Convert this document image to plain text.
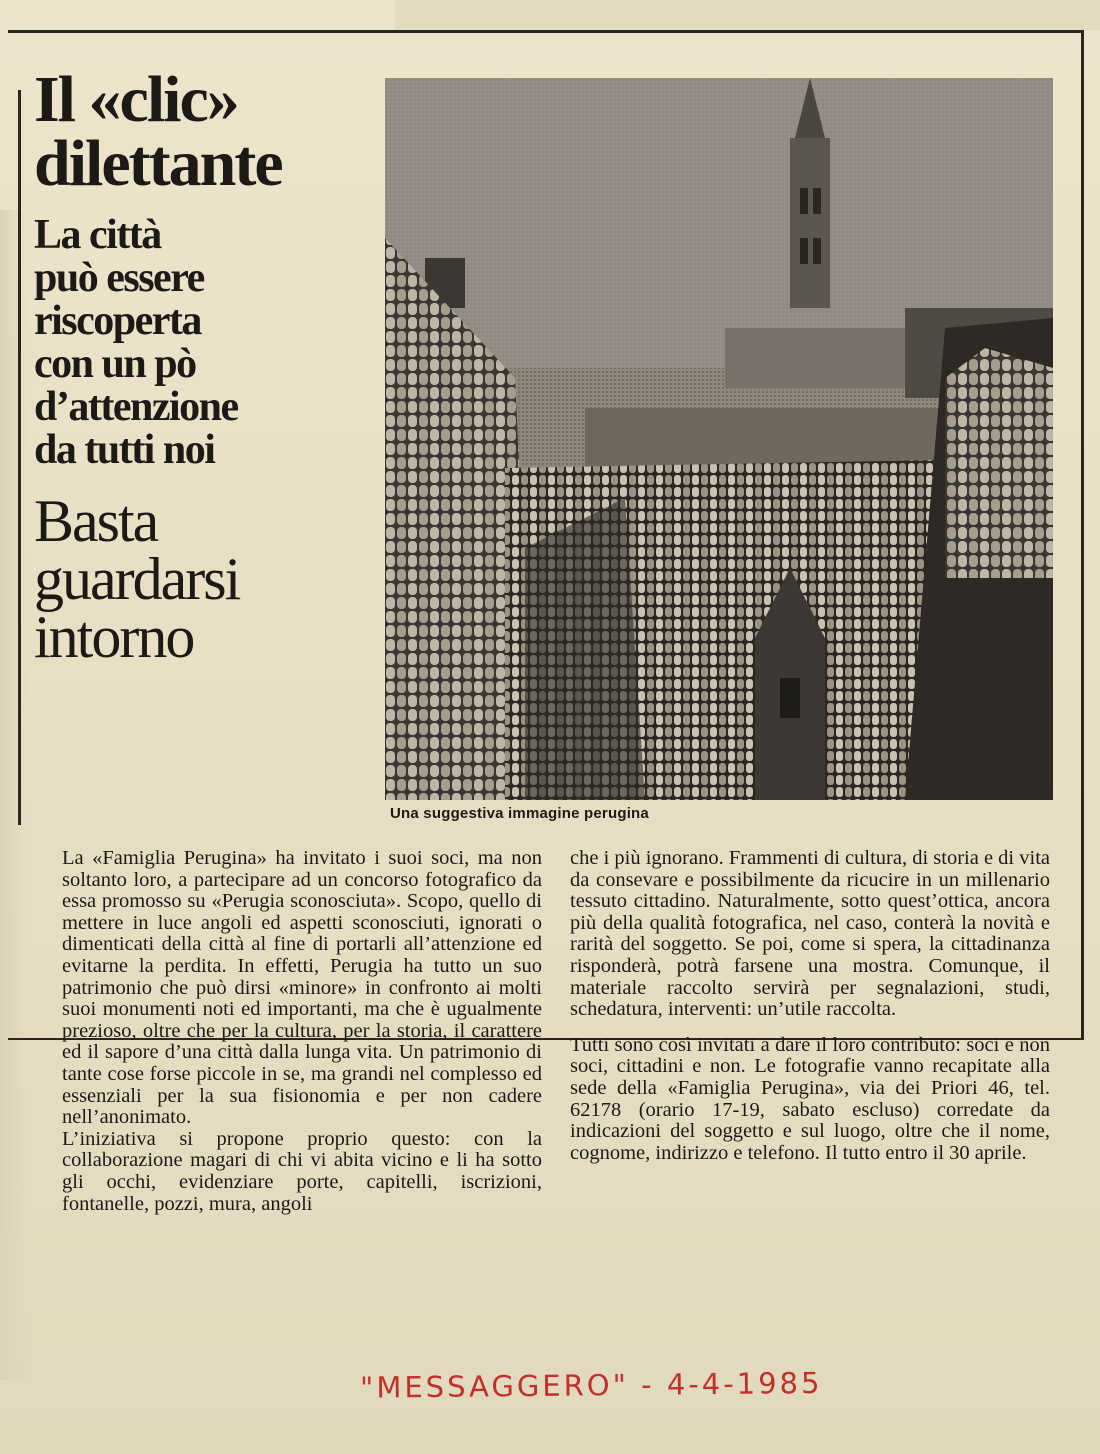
Il «clic»
dilettante
La città
può essere
riscoperta
con un pò
d’attenzione
da tutti noi
Basta
guardarsi
intorno
Una suggestiva immagine perugina

La «Famiglia Perugina» ha invitato i suoi soci, ma non soltanto loro, a partecipare ad un concorso fotografico da essa promosso su «Perugia sconosciuta». Scopo, quello di mettere in luce angoli ed aspetti sconosciuti, ignorati o dimenticati della città al fine di portarli all’attenzione ed evitarne la perdita. In effetti, Perugia ha tutto un suo patrimonio che può dirsi «minore» in confronto ai molti suoi monumenti noti ed importanti, ma che è ugualmente prezioso, oltre che per la cultura, per la storia, il carattere ed il sapore d’una città dalla lunga vita. Un patrimonio di tante cose forse piccole in se, ma grandi nel complesso ed essenziali per la sua fisionomia e per non cadere nell’anonimato.

L’iniziativa si propone proprio questo: con la collaborazione magari di chi vi abita vicino e li ha sotto gli occhi, evidenziare porte, capitelli, iscrizioni, fontanelle, pozzi, mura, angoli

che i più ignorano. Frammenti di cultura, di storia e di vita da consevare e possibilmente da ricucire in un millenario tessuto cittadino. Naturalmente, sotto quest’ottica, ancora più della qualità fotografica, nel caso, conterà la novità e rarità del soggetto. Se poi, come si spera, la cittadinanza risponderà, potrà farsene una mostra. Comunque, il materiale raccolto servirà per segnalazioni, studi, schedatura, interventi: un’utile raccolta.

Tutti sono così invitati a dare il loro contributo: soci e non soci, cittadini e non. Le fotografie vanno recapitate alla sede della «Famiglia Perugina», via dei Priori 46, tel. 62178 (orario 17-19, sabato escluso) corredate da indicazioni del soggetto e sul luogo, oltre che il nome, cognome, indirizzo e telefono. Il tutto entro il 30 aprile.

"MESSAGGERO" - 4-4-1985
